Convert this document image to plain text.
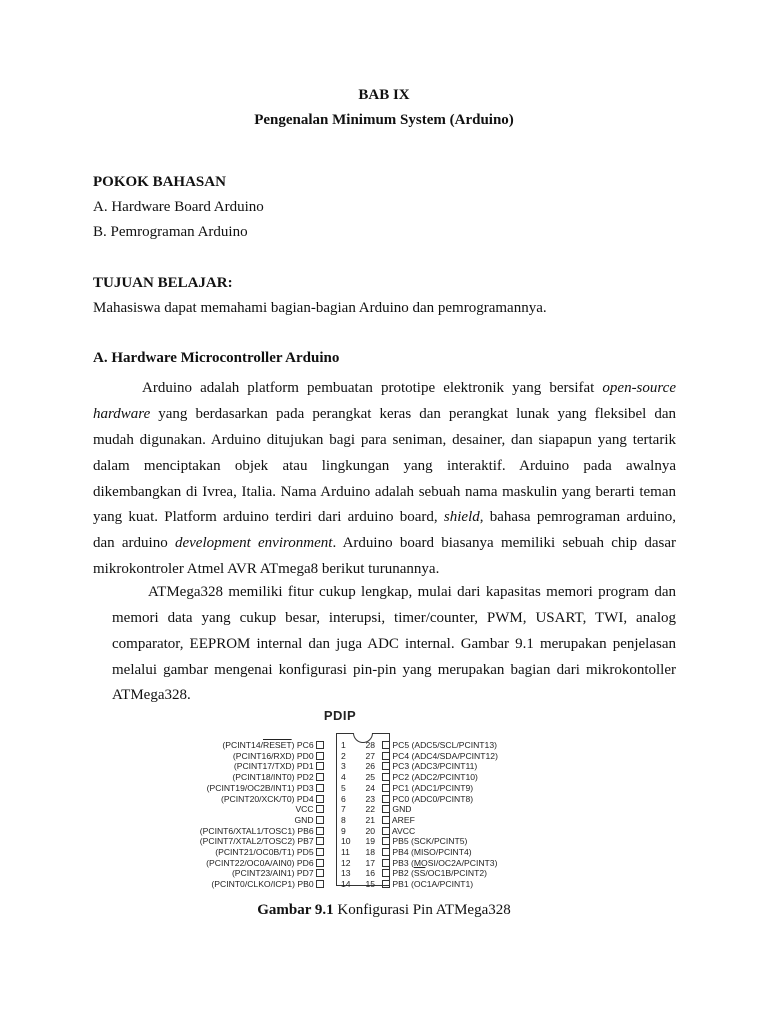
BAB IX
Pengenalan Minimum System (Arduino)
POKOK BAHASAN
A. Hardware Board Arduino
B. Pemrograman Arduino
TUJUAN BELAJAR:
Mahasiswa dapat memahami bagian-bagian Arduino dan pemrogramannya.
A. Hardware Microcontroller Arduino
Arduino adalah platform pembuatan prototipe elektronik yang bersifat open-source
hardware yang berdasarkan pada perangkat keras dan perangkat lunak yang fleksibel dan
mudah digunakan. Arduino ditujukan bagi para seniman, desainer, dan siapapun yang tertarik
dalam menciptakan objek atau lingkungan yang interaktif. Arduino pada awalnya
dikembangkan di Ivrea, Italia. Nama Arduino adalah sebuah nama maskulin yang berarti teman
yang kuat. Platform arduino terdiri dari arduino board, shield, bahasa pemrograman arduino,
dan arduino development environment. Arduino board biasanya memiliki sebuah chip dasar
mikrokontroler Atmel AVR ATmega8 berikut turunannya.
ATMega328 memiliki fitur cukup lengkap, mulai dari kapasitas memori program dan
memori data yang cukup besar, interupsi, timer/counter, PWM, USART, TWI, analog
comparator, EEPROM internal dan juga ADC internal. Gambar 9.1 merupakan penjelasan
melalui gambar mengenai konfigurasi pin-pin yang merupakan bagian dari mikrokontoller
ATMega328.
PDIP
(PCINT14/RESET) PC6	1
(PCINT16/RXD) PD0	2
(PCINT17/TXD) PD1	3
(PCINT18/INT0) PD2	4
(PCINT19/OC2B/INT1) PD3	5
(PCINT20/XCK/T0) PD4	6
VCC	7
GND	8
(PCINT6/XTAL1/TOSC1) PB6	9
(PCINT7/XTAL2/TOSC2) PB7	10
(PCINT21/OC0B/T1) PD5	11
(PCINT22/OC0A/AIN0) PD6	12
(PCINT23/AIN1) PD7	13
(PCINT0/CLKO/ICP1) PB0	14
28	PC5 (ADC5/SCL/PCINT13)
27	PC4 (ADC4/SDA/PCINT12)
26	PC3 (ADC3/PCINT11)
25	PC2 (ADC2/PCINT10)
24	PC1 (ADC1/PCINT9)
23	PC0 (ADC0/PCINT8)
22	GND
21	AREF
20	AVCC
19	PB5 (SCK/PCINT5)
18	PB4 (MISO/PCINT4)
17	PB3 (MOSI/OC2A/PCINT3)
16	PB2 $(\overline{SS}/OC1B/PCINT2)$
15	PB1 (OC1A/PCINT1)
Gambar 9.1 Konfigurasi Pin ATMega328
